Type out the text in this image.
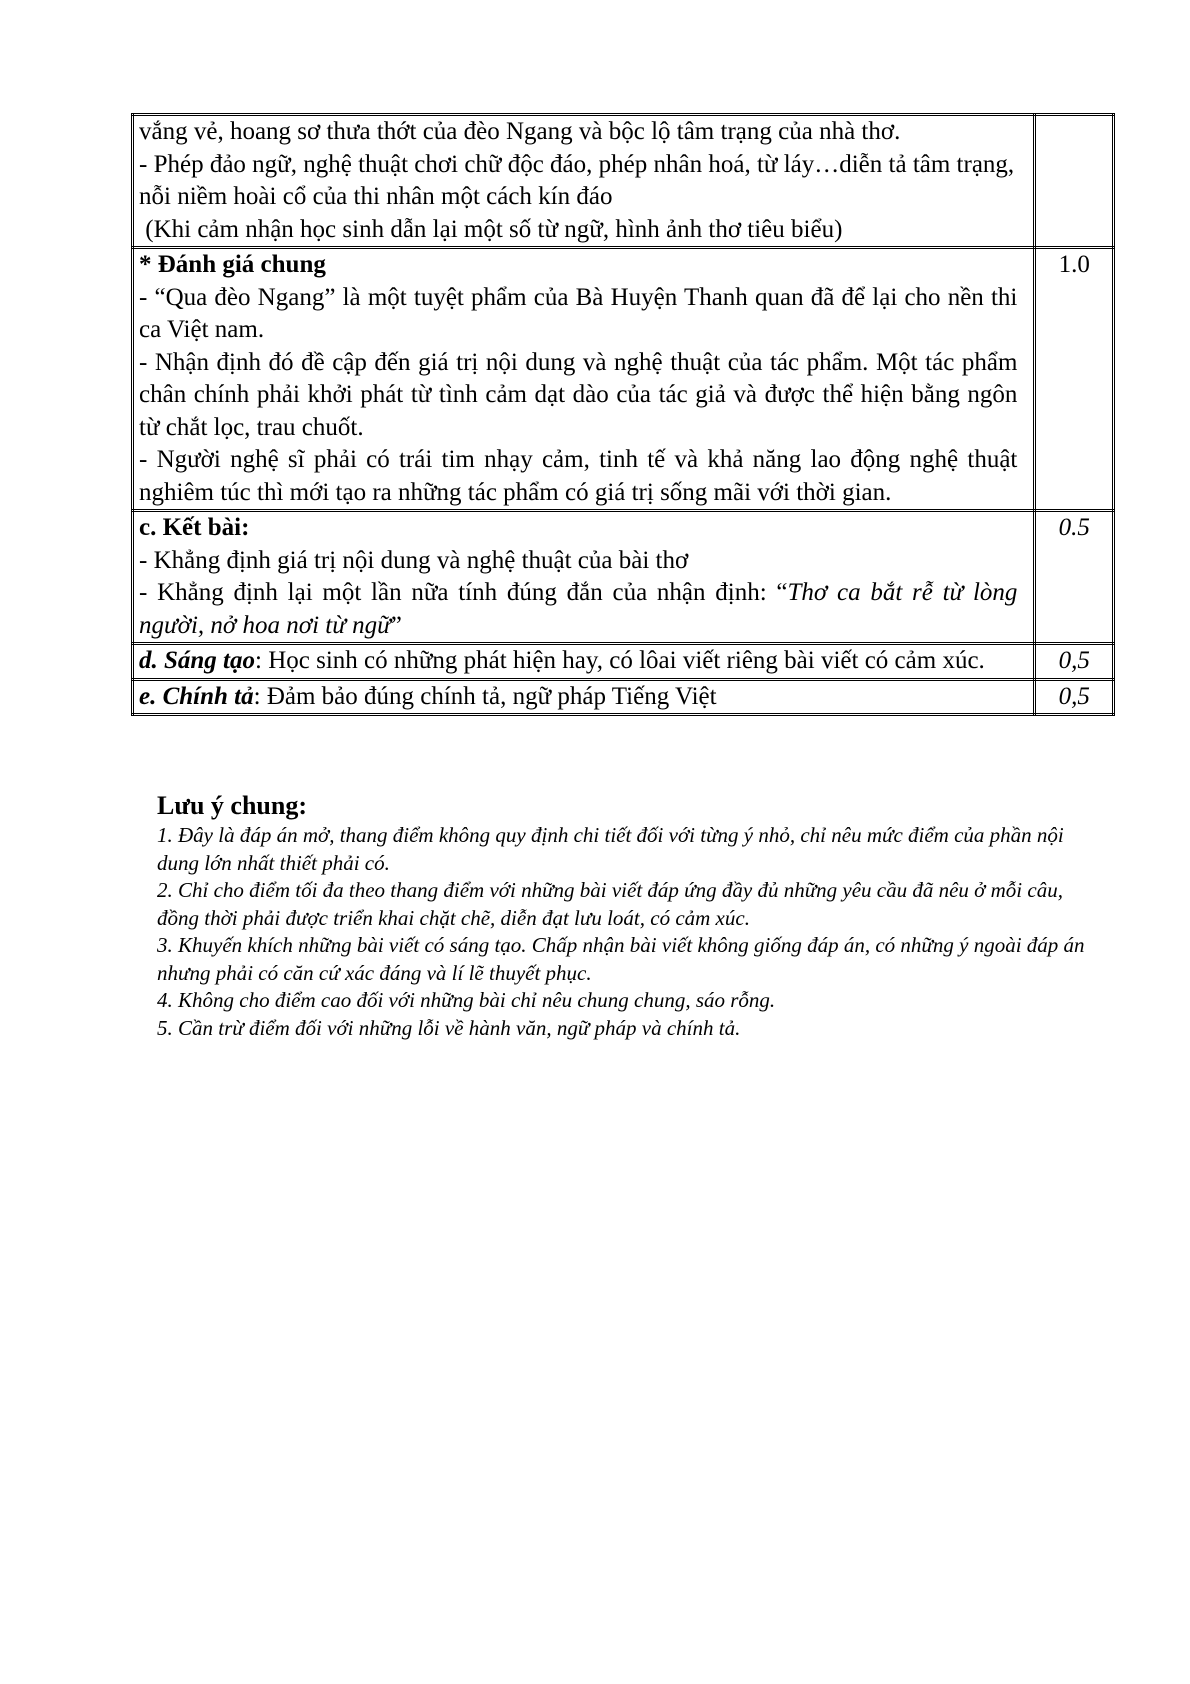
vắng vẻ, hoang sơ thưa thớt của đèo Ngang và bộc lộ tâm trạng của nhà thơ.
- Phép đảo ngữ, nghệ thuật chơi chữ độc đáo, phép nhân hoá, từ láy…diễn tả tâm trạng, nỗi niềm hoài cổ của thi nhân một cách kín đáo
(Khi cảm nhận học sinh dẫn lại một số từ ngữ, hình ảnh thơ tiêu biểu)	

* Đánh giá chung
- “Qua đèo Ngang” là một tuyệt phẩm của Bà Huyện Thanh quan đã để lại cho nền thi ca Việt nam.
- Nhận định đó đề cập đến giá trị nội dung và nghệ thuật của tác phẩm. Một tác phẩm chân chính phải khởi phát từ tình cảm dạt dào của tác giả và được thể hiện bằng ngôn từ chắt lọc, trau chuốt.
- Người nghệ sĩ phải có trái tim nhạy cảm, tinh tế và khả năng lao động nghệ thuật nghiêm túc thì mới tạo ra những tác phẩm có giá trị sống mãi với thời gian.	1.0

c. Kết bài:
- Khẳng định giá trị nội dung và nghệ thuật của bài thơ
- Khẳng định lại một lần nữa tính đúng đắn của nhận định: “Thơ ca bắt rễ từ lòng người, nở hoa nơi từ ngữ”	0.5
d. Sáng tạo: Học sinh có những phát hiện hay, có lôai viết riêng bài viết có cảm xúc.	0,5
e. Chính tả: Đảm bảo đúng chính tả, ngữ pháp Tiếng Việt	0,5
Lưu ý chung:
1. Đây là đáp án mở, thang điểm không quy định chi tiết đối với từng ý nhỏ, chỉ nêu mức điểm của phần nội dung lớn nhất thiết phải có.
2. Chỉ cho điểm tối đa theo thang điểm với những bài viết đáp ứng đầy đủ những yêu cầu đã nêu ở mỗi câu, đồng thời phải được triển khai chặt chẽ, diễn đạt lưu loát, có cảm xúc.
3. Khuyến khích những bài viết có sáng tạo. Chấp nhận bài viết không giống đáp án, có những ý ngoài đáp án nhưng phải có căn cứ xác đáng và lí lẽ thuyết phục.
4. Không cho điểm cao đối với những bài chỉ nêu chung chung, sáo rỗng.
5. Cần trừ điểm đối với những lỗi về hành văn, ngữ pháp và chính tả.
